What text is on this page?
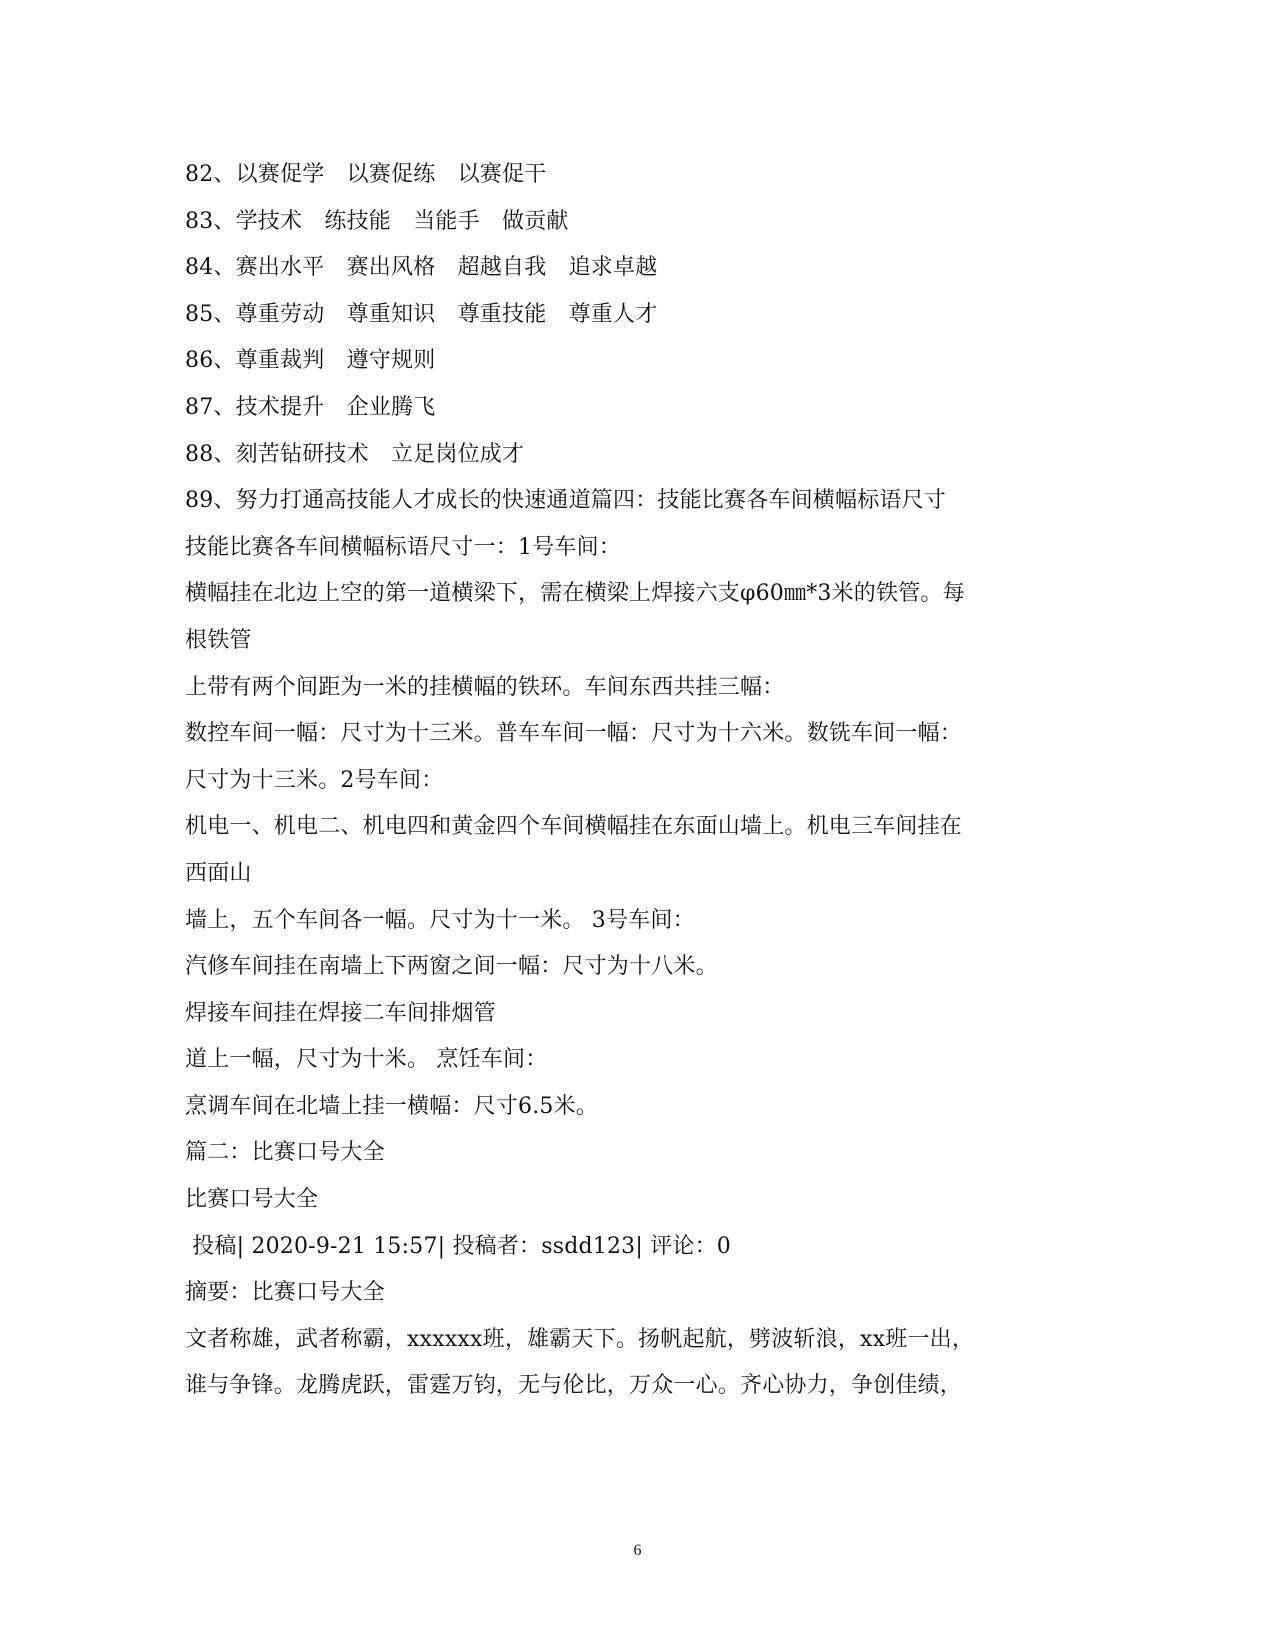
82、以赛促学　以赛促练　以赛促干
83、学技术　练技能　当能手　做贡献
84、赛出水平　赛出风格　超越自我　追求卓越
85、尊重劳动　尊重知识　尊重技能　尊重人才
86、尊重裁判　遵守规则
87、技术提升　企业腾飞
88、刻苦钻研技术　立足岗位成才
89、努力打通高技能人才成长的快速通道篇四：技能比赛各车间横幅标语尺寸
技能比赛各车间横幅标语尺寸一：1号车间：
横幅挂在北边上空的第一道横梁下，需在横梁上焊接六支φ60㎜*3米的铁管。每
根铁管
上带有两个间距为一米的挂横幅的铁环。车间东西共挂三幅：
数控车间一幅：尺寸为十三米。普车车间一幅：尺寸为十六米。数铣车间一幅：
尺寸为十三米。2号车间：
机电一、机电二、机电四和黄金四个车间横幅挂在东面山墙上。机电三车间挂在
西面山
墙上，五个车间各一幅。尺寸为十一米。 3号车间：
汽修车间挂在南墙上下两窗之间一幅：尺寸为十八米。
焊接车间挂在焊接二车间排烟管
道上一幅，尺寸为十米。 烹饪车间：
烹调车间在北墙上挂一横幅：尺寸6.5米。
篇二：比赛口号大全
比赛口号大全
投稿| 2020-9-21 15:57| 投稿者：ssdd123| 评论：0
摘要：比赛口号大全
文者称雄，武者称霸，xxxxxx班，雄霸天下。扬帆起航，劈波斩浪，xx班一出，
谁与争锋。龙腾虎跃，雷霆万钧，无与伦比，万众一心。齐心协力，争创佳绩，
6
